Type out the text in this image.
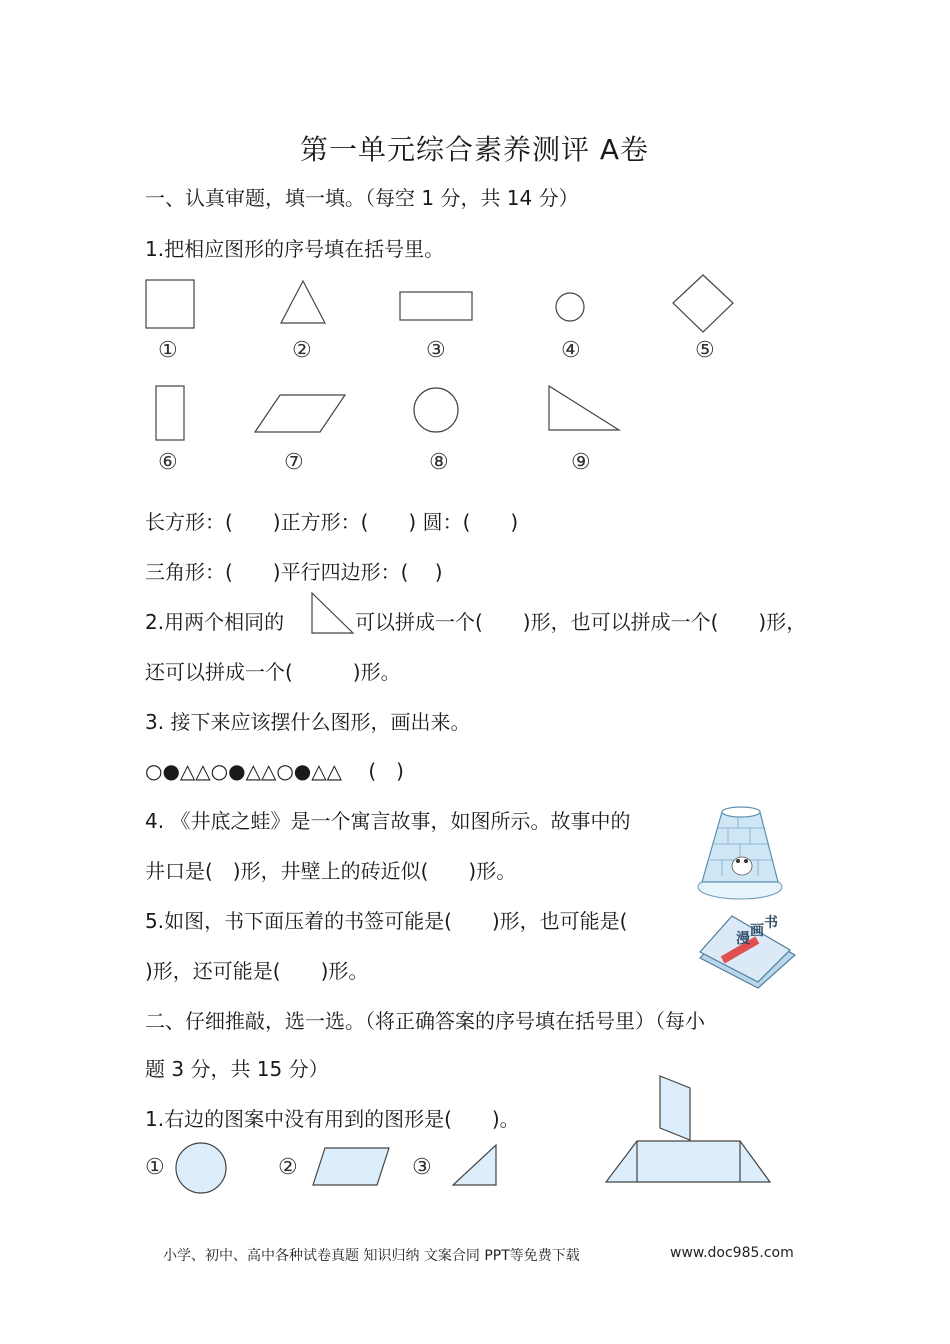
第一单元综合素养测评 A卷
一、认真审题，填一填。（每空 1 分，共 14 分）
1.把相应图形的序号填在括号里。
①	②	③	④	⑤
⑥	⑦	⑧	⑨
长方形：(　　)正方形：(　　) 圆：(　　)
三角形：(　　)平行四边形：(　 )
2.用两个相同的	可以拼成一个(　　)形，也可以拼成一个(　　)形，
还可以拼成一个(　　　)形。
3. 接下来应该摆什么图形，画出来。
○●△△○●△△○●△△　 (　)
4. 《井底之蛙》是一个寓言故事，如图所示。故事中的
井口是(　)形，井壁上的砖近似(　　)形。
5.如图，书下面压着的书签可能是(　　)形，也可能是(
)形，还可能是(　　)形。
漫 画 书
二、仔细推敲，选一选。（将正确答案的序号填在括号里）（每小
题 3 分，共 15 分）
1.右边的图案中没有用到的图形是(　　)。
①	②	③
小学、初中、高中各种试卷真题 知识归纳 文案合同 PPT等免费下载	www.doc985.com
